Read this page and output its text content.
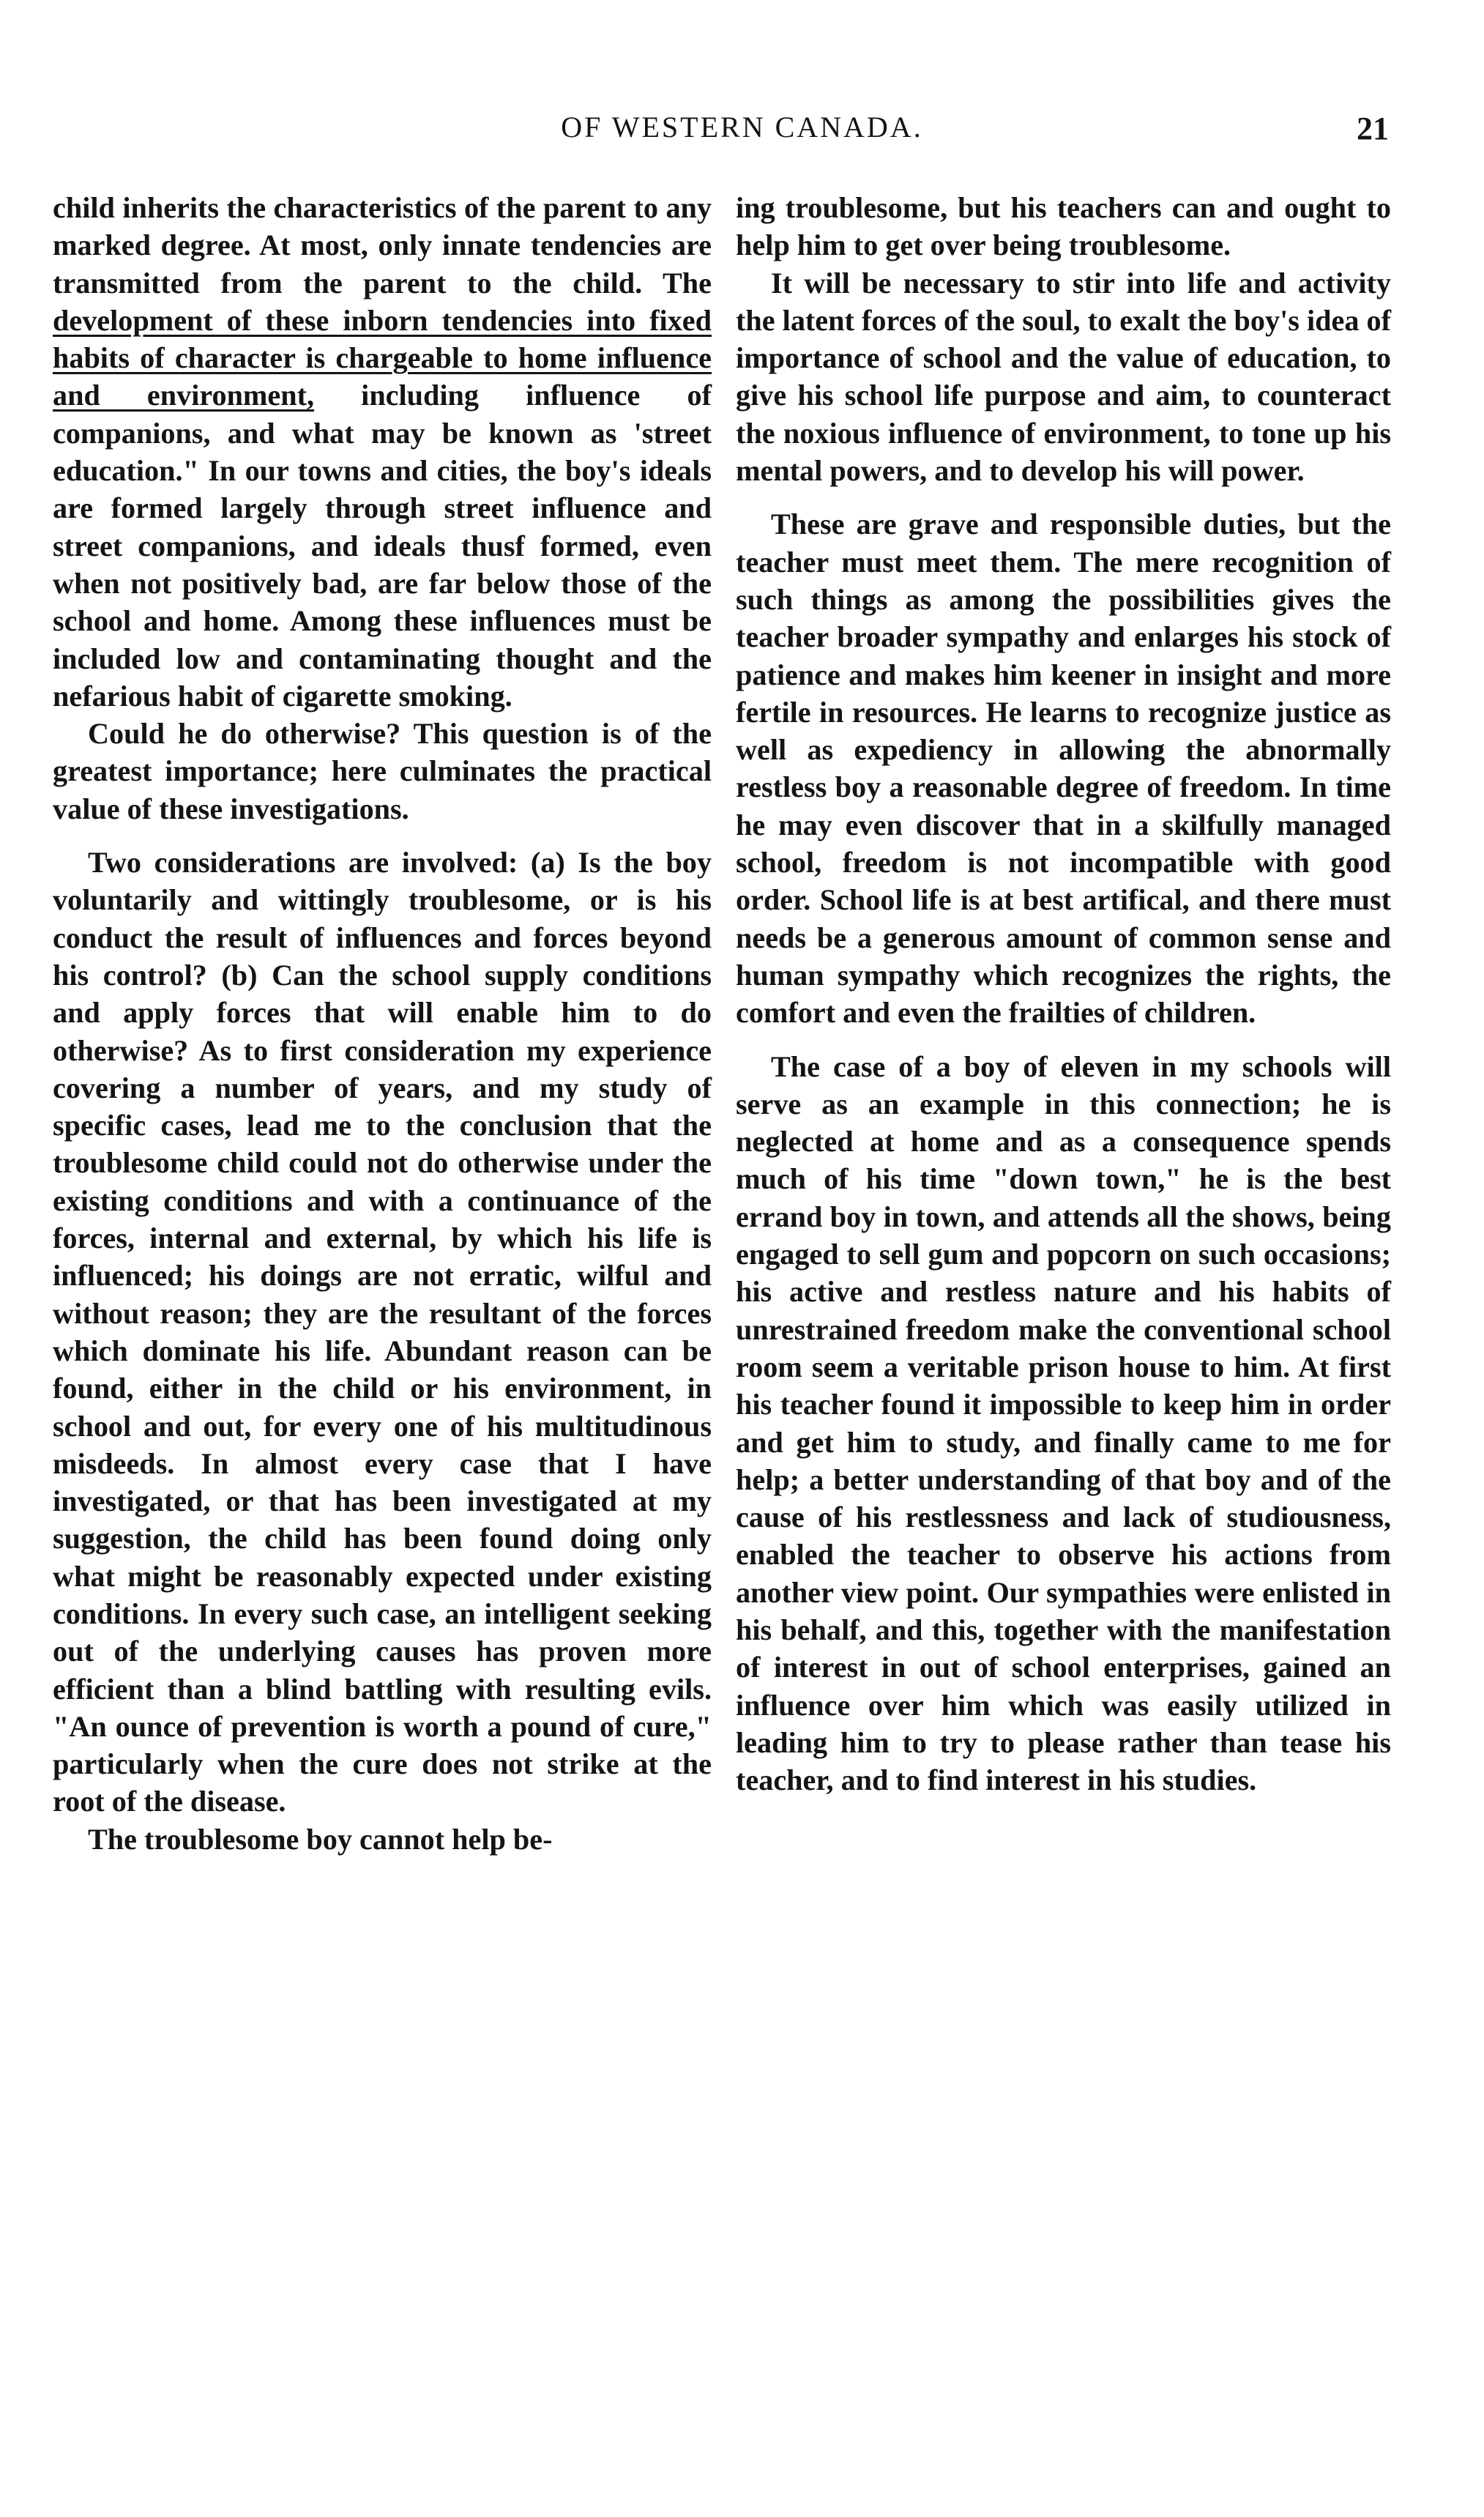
OF WESTERN CANADA.	21

child inherits the characteristics of the parent to any marked degree. At most, only innate tendencies are transmitted from the parent to the child. The development of these inborn tendencies into fixed habits of character is chargeable to home influence and environment, including influence of companions, and what may be known as 'street education." In our towns and cities, the boy's ideals are formed largely through street influence and street companions, and ideals thusf formed, even when not positively bad, are far below those of the school and home. Among these influences must be included low and contaminating thought and the nefarious habit of cigarette smoking.

Could he do otherwise? This question is of the greatest importance; here culminates the practical value of these investigations.

Two considerations are involved: (a) Is the boy voluntarily and wittingly troublesome, or is his conduct the result of influences and forces beyond his control? (b) Can the school supply conditions and apply forces that will enable him to do otherwise? As to first consideration my experience covering a number of years, and my study of specific cases, lead me to the conclusion that the troublesome child could not do otherwise under the existing conditions and with a continuance of the forces, internal and external, by which his life is influenced; his doings are not erratic, wilful and without reason; they are the resultant of the forces which dominate his life. Abundant reason can be found, either in the child or his environment, in school and out, for every one of his multitudinous misdeeds. In almost every case that I have investigated, or that has been investigated at my suggestion, the child has been found doing only what might be reasonably expected under existing conditions. In every such case, an intelligent seeking out of the underlying causes has proven more efficient than a blind battling with resulting evils. "An ounce of prevention is worth a pound of cure," particularly when the cure does not strike at the root of the disease.

The troublesome boy cannot help be-

ing troublesome, but his teachers can and ought to help him to get over being troublesome.

It will be necessary to stir into life and activity the latent forces of the soul, to exalt the boy's idea of importance of school and the value of education, to give his school life purpose and aim, to counteract the noxious influence of environment, to tone up his mental powers, and to develop his will power.

These are grave and responsible duties, but the teacher must meet them. The mere recognition of such things as among the possibilities gives the teacher broader sympathy and enlarges his stock of patience and makes him keener in insight and more fertile in resources. He learns to recognize justice as well as expediency in allowing the abnormally restless boy a reasonable degree of freedom. In time he may even discover that in a skilfully managed school, freedom is not incompatible with good order. School life is at best artifical, and there must needs be a generous amount of common sense and human sympathy which recognizes the rights, the comfort and even the frailties of children.

The case of a boy of eleven in my schools will serve as an example in this connection; he is neglected at home and as a consequence spends much of his time "down town," he is the best errand boy in town, and attends all the shows, being engaged to sell gum and popcorn on such occasions; his active and restless nature and his habits of unrestrained freedom make the conventional school room seem a veritable prison house to him. At first his teacher found it impossible to keep him in order and get him to study, and finally came to me for help; a better understanding of that boy and of the cause of his restlessness and lack of studiousness, enabled the teacher to observe his actions from another view point. Our sympathies were enlisted in his behalf, and this, together with the manifestation of interest in out of school enterprises, gained an influence over him which was easily utilized in leading him to try to please rather than tease his teacher, and to find interest in his studies.
